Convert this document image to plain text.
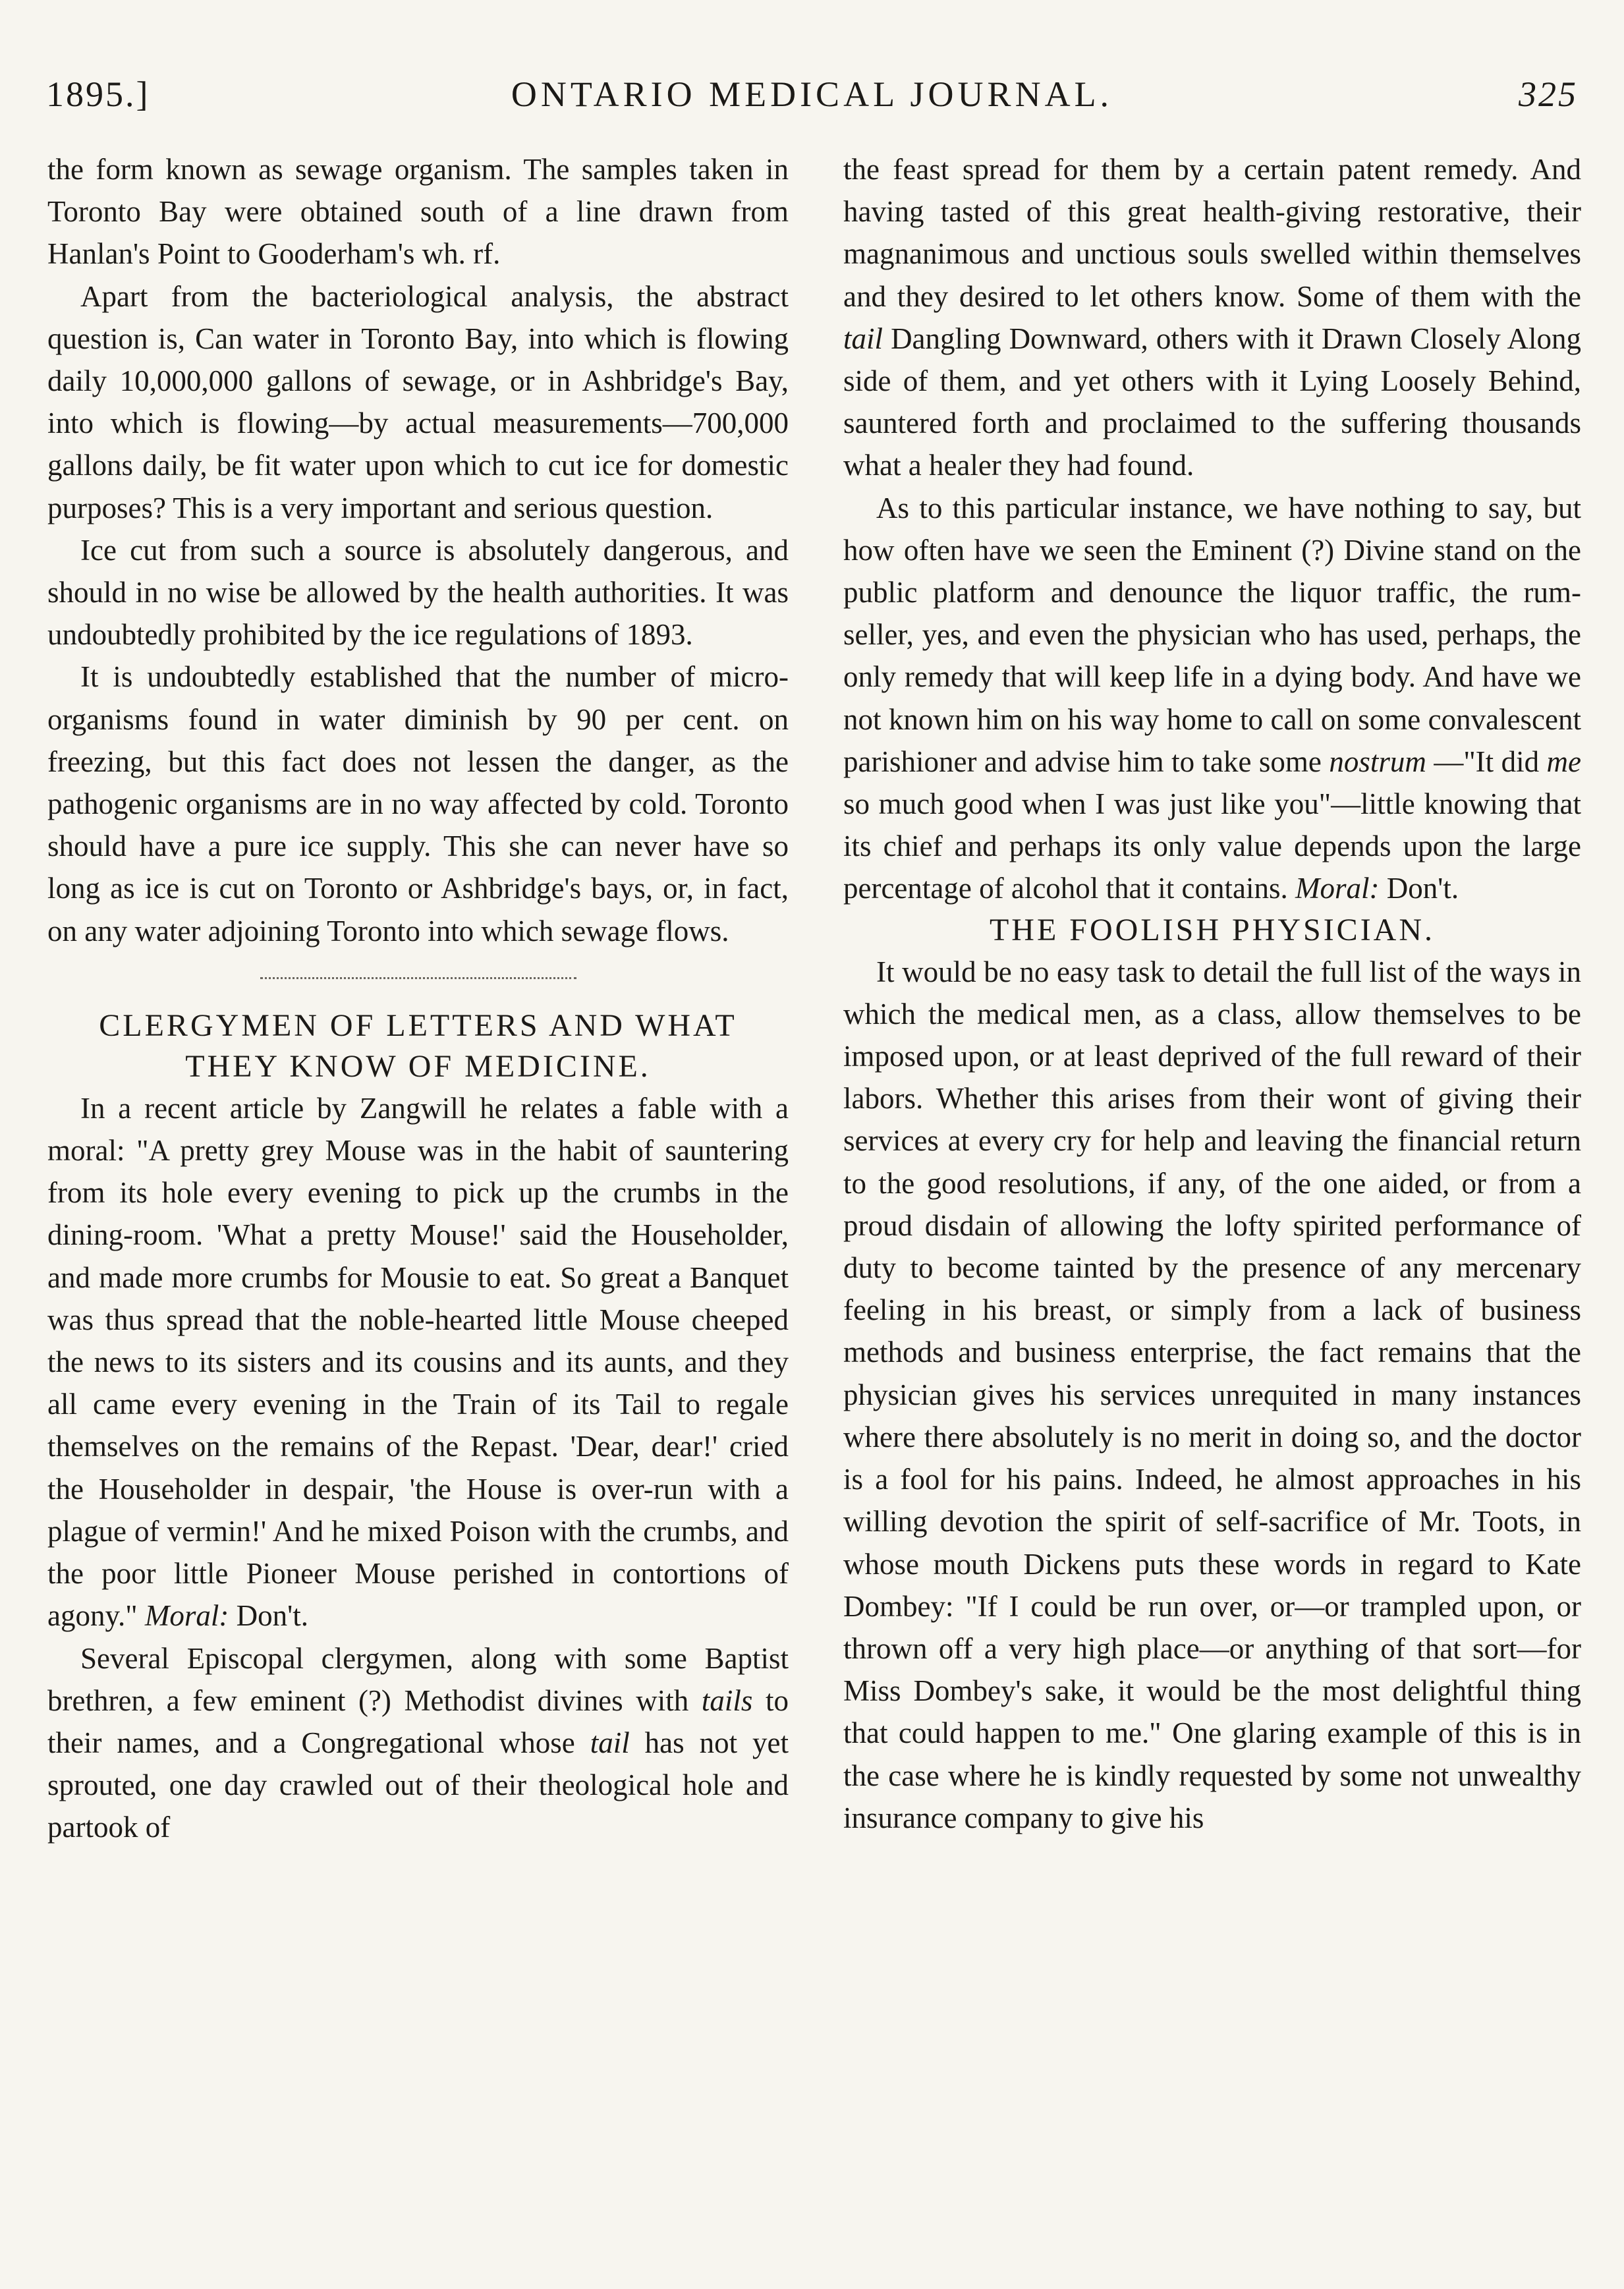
1895.]	ONTARIO MEDICAL JOURNAL.	325

the form known as sewage organism. The samples taken in Toronto Bay were obtained south of a line drawn from Hanlan's Point to Gooderham's wh. rf.

Apart from the bacteriological analysis, the abstract question is, Can water in Toronto Bay, into which is flowing daily 10,000,000 gallons of sewage, or in Ashbridge's Bay, into which is flowing—by actual measurements—700,000 gallons daily, be fit water upon which to cut ice for domestic purposes? This is a very important and serious question.

Ice cut from such a source is absolutely dangerous, and should in no wise be allowed by the health authorities. It was undoubtedly prohibited by the ice regulations of 1893.

It is undoubtedly established that the number of micro-organisms found in water diminish by 90 per cent. on freezing, but this fact does not lessen the danger, as the pathogenic organisms are in no way affected by cold. Toronto should have a pure ice supply. This she can never have so long as ice is cut on Toronto or Ashbridge's bays, or, in fact, on any water adjoining Toronto into which sewage flows.

CLERGYMEN OF LETTERS AND WHAT THEY KNOW OF MEDICINE.

In a recent article by Zangwill he relates a fable with a moral: "A pretty grey Mouse was in the habit of sauntering from its hole every evening to pick up the crumbs in the dining-room. 'What a pretty Mouse!' said the Householder, and made more crumbs for Mousie to eat. So great a Banquet was thus spread that the noble-hearted little Mouse cheeped the news to its sisters and its cousins and its aunts, and they all came every evening in the Train of its Tail to regale themselves on the remains of the Repast. 'Dear, dear!' cried the Householder in despair, 'the House is over-run with a plague of vermin!' And he mixed Poison with the crumbs, and the poor little Pioneer Mouse perished in contortions of agony." Moral: Don't.

Several Episcopal clergymen, along with some Baptist brethren, a few eminent (?) Methodist divines with tails to their names, and a Congregational whose tail has not yet sprouted, one day crawled out of their theological hole and partook of

the feast spread for them by a certain patent remedy. And having tasted of this great health-giving restorative, their magnanimous and unctious souls swelled within themselves and they desired to let others know. Some of them with the tail Dangling Downward, others with it Drawn Closely Along side of them, and yet others with it Lying Loosely Behind, sauntered forth and proclaimed to the suffering thousands what a healer they had found.

As to this particular instance, we have nothing to say, but how often have we seen the Eminent (?) Divine stand on the public platform and denounce the liquor traffic, the rum-seller, yes, and even the physician who has used, perhaps, the only remedy that will keep life in a dying body. And have we not known him on his way home to call on some convalescent parishioner and advise him to take some nostrum —"It did me so much good when I was just like you"—little knowing that its chief and perhaps its only value depends upon the large percentage of alcohol that it contains. Moral: Don't.

THE FOOLISH PHYSICIAN.

It would be no easy task to detail the full list of the ways in which the medical men, as a class, allow themselves to be imposed upon, or at least deprived of the full reward of their labors. Whether this arises from their wont of giving their services at every cry for help and leaving the financial return to the good resolutions, if any, of the one aided, or from a proud disdain of allowing the lofty spirited performance of duty to become tainted by the presence of any mercenary feeling in his breast, or simply from a lack of business methods and business enterprise, the fact remains that the physician gives his services unrequited in many instances where there absolutely is no merit in doing so, and the doctor is a fool for his pains. Indeed, he almost approaches in his willing devotion the spirit of self-sacrifice of Mr. Toots, in whose mouth Dickens puts these words in regard to Kate Dombey: "If I could be run over, or—or trampled upon, or thrown off a very high place—or anything of that sort—for Miss Dombey's sake, it would be the most delightful thing that could happen to me." One glaring example of this is in the case where he is kindly requested by some not unwealthy insurance company to give his
